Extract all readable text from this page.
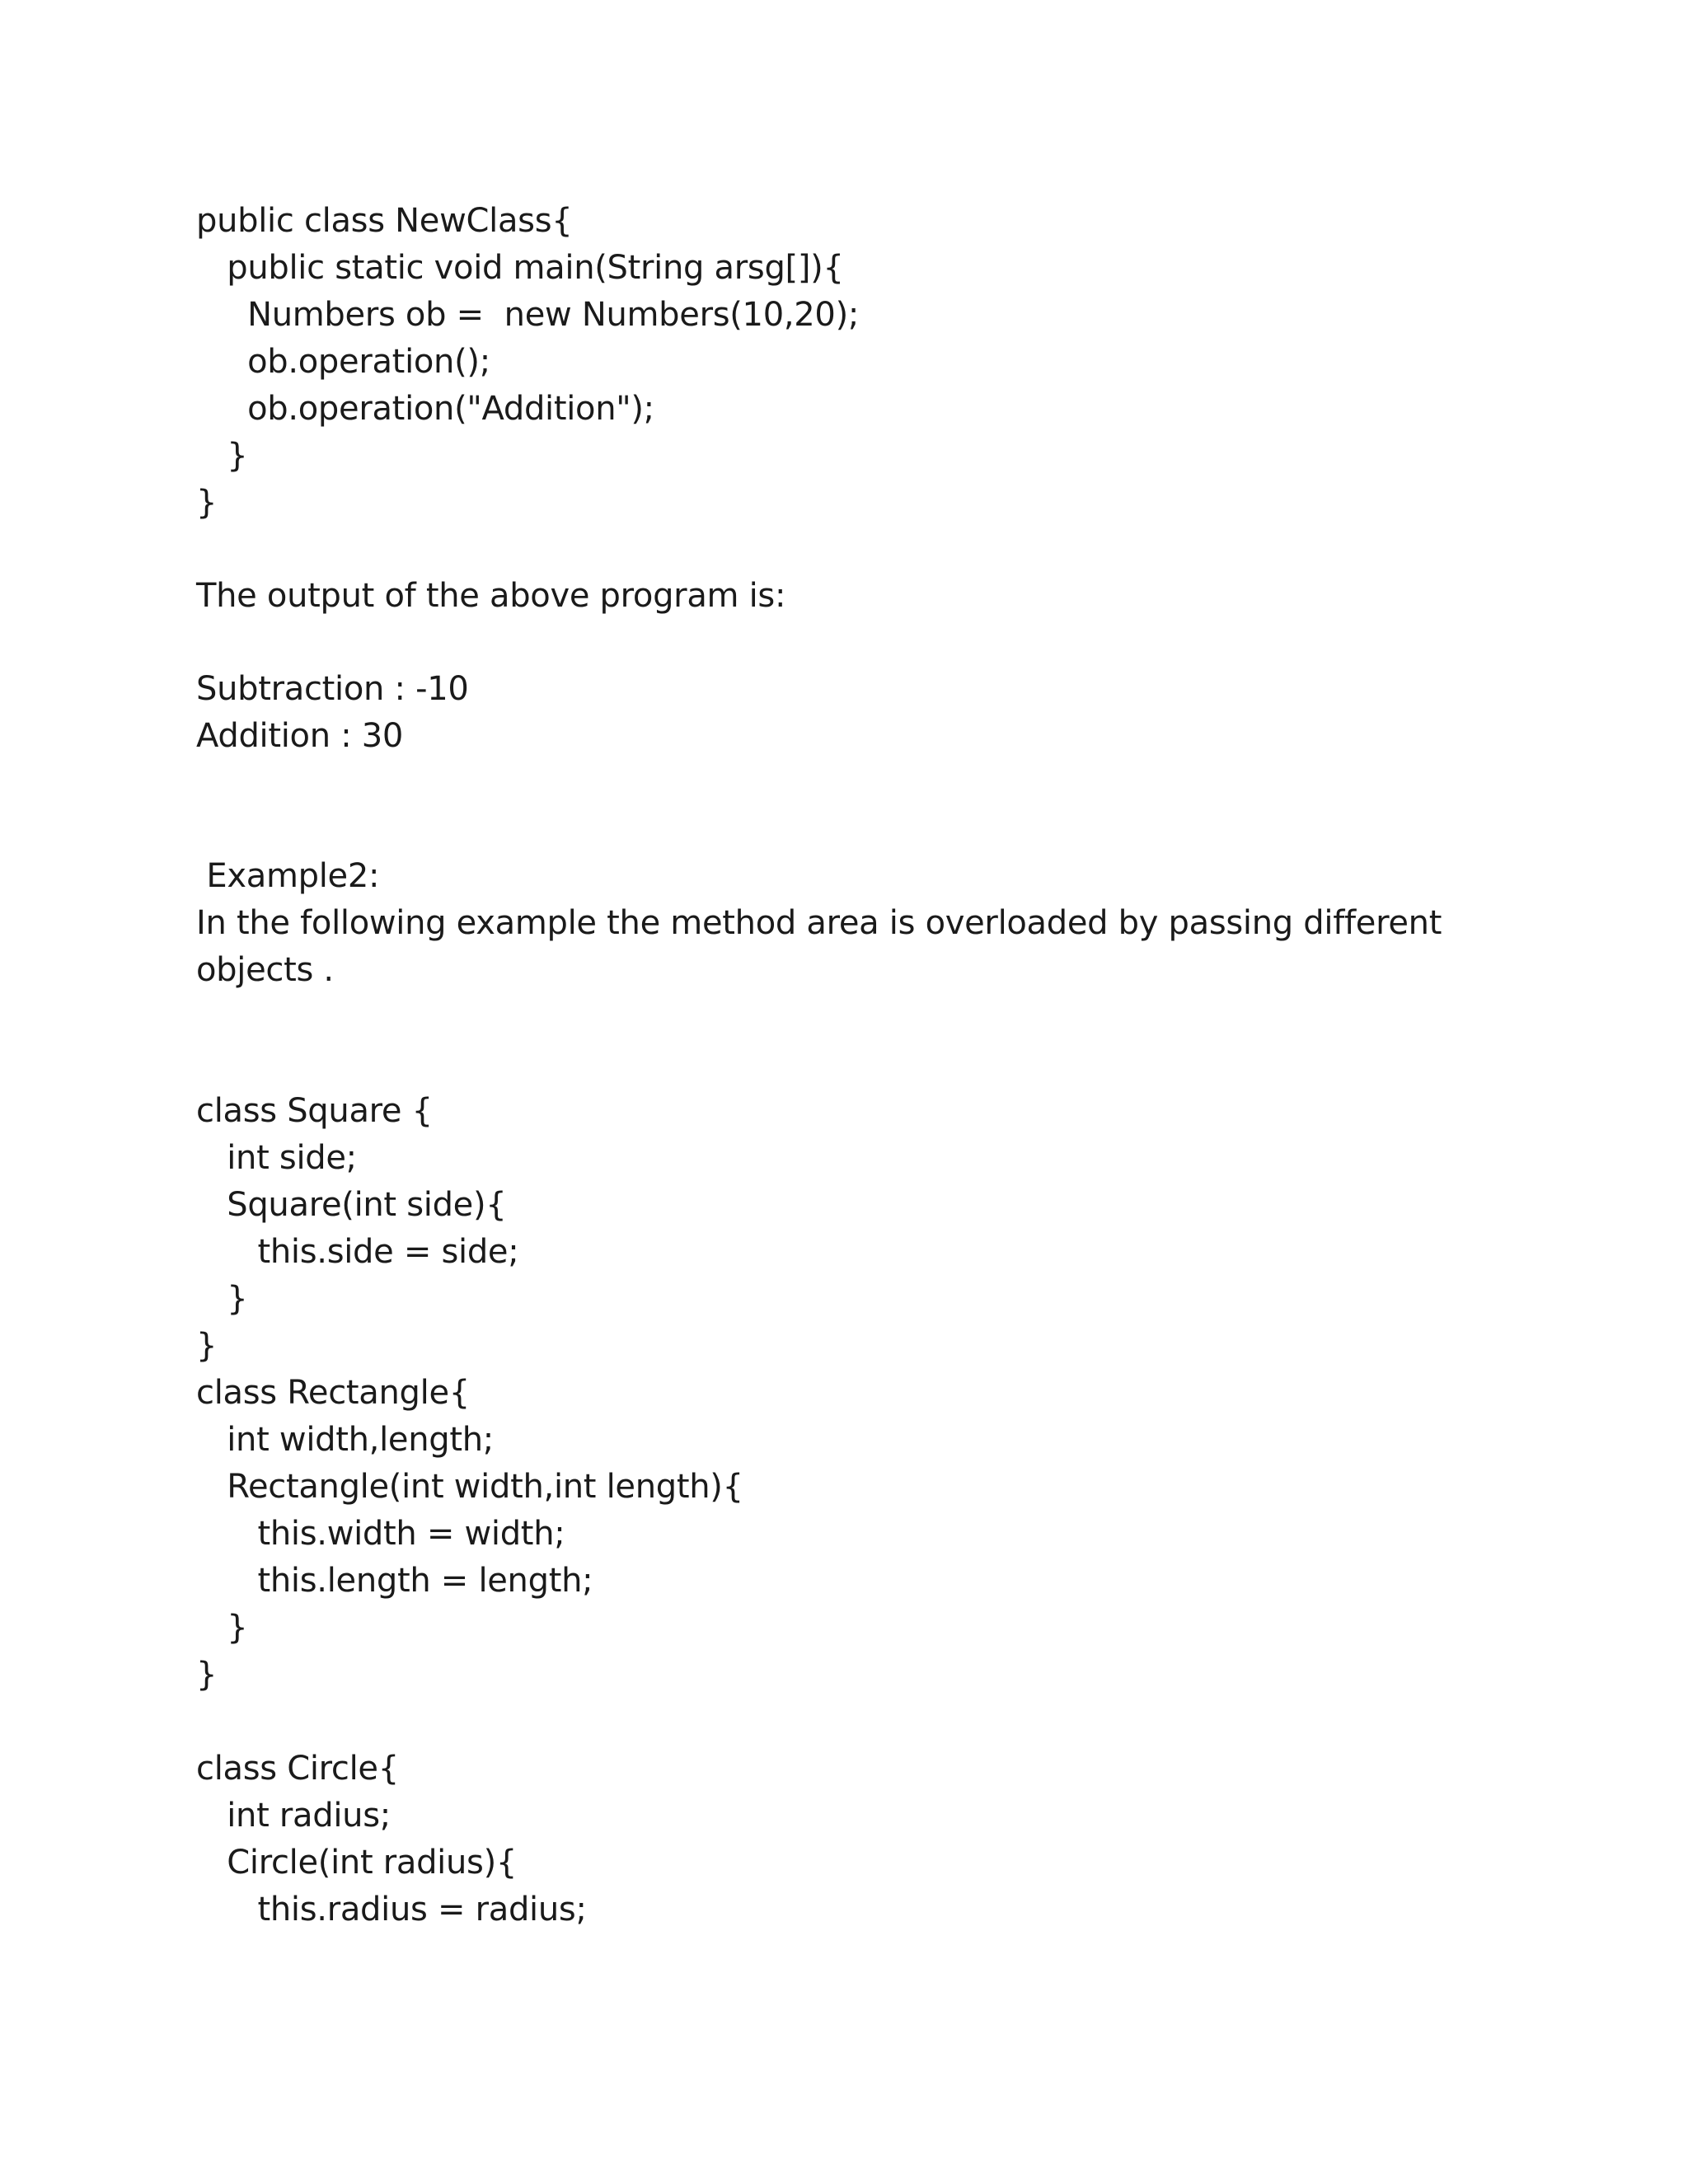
public class NewClass{
public static void main(String arsg[]){
Numbers ob =  new Numbers(10,20);
ob.operation();
ob.operation("Addition");
}
}
The output of the above program is:
Subtraction : -10
Addition : 30
Example2:
In the following example the method area is overloaded by passing different
objects .
class Square {
int side;
Square(int side){
this.side = side;
}
}
class Rectangle{
int width,length;
Rectangle(int width,int length){
this.width = width;
this.length = length;
}
}
class Circle{
int radius;
Circle(int radius){
this.radius = radius;
